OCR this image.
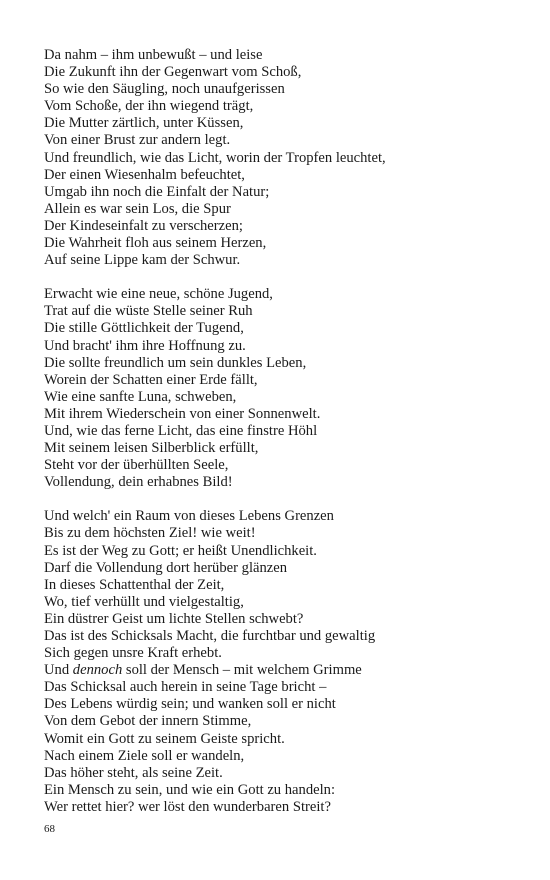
Da nahm – ihm unbewußt – und leise
Die Zukunft ihn der Gegenwart vom Schoß,
So wie den Säugling, noch unaufgerissen
Vom Schoße, der ihn wiegend trägt,
Die Mutter zärtlich, unter Küssen,
Von einer Brust zur andern legt.
Und freundlich, wie das Licht, worin der Tropfen leuchtet,
Der einen Wiesenhalm befeuchtet,
Umgab ihn noch die Einfalt der Natur;
Allein es war sein Los, die Spur
Der Kindeseinfalt zu verscherzen;
Die Wahrheit floh aus seinem Herzen,
Auf seine Lippe kam der Schwur.
Erwacht wie eine neue, schöne Jugend,
Trat auf die wüste Stelle seiner Ruh
Die stille Göttlichkeit der Tugend,
Und bracht' ihm ihre Hoffnung zu.
Die sollte freundlich um sein dunkles Leben,
Worein der Schatten einer Erde fällt,
Wie eine sanfte Luna, schweben,
Mit ihrem Wiederschein von einer Sonnenwelt.
Und, wie das ferne Licht, das eine finstre Höhl
Mit seinem leisen Silberblick erfüllt,
Steht vor der überhüllten Seele,
Vollendung, dein erhabnes Bild!
Und welch' ein Raum von dieses Lebens Grenzen
Bis zu dem höchsten Ziel! wie weit!
Es ist der Weg zu Gott; er heißt Unendlichkeit.
Darf die Vollendung dort herüber glänzen
In dieses Schattenthal der Zeit,
Wo, tief verhüllt und vielgestaltig,
Ein düstrer Geist um lichte Stellen schwebt?
Das ist des Schicksals Macht, die furchtbar und gewaltig
Sich gegen unsre Kraft erhebt.
Und dennoch soll der Mensch – mit welchem Grimme
Das Schicksal auch herein in seine Tage bricht –
Des Lebens würdig sein; und wanken soll er nicht
Von dem Gebot der innern Stimme,
Womit ein Gott zu seinem Geiste spricht.
Nach einem Ziele soll er wandeln,
Das höher steht, als seine Zeit.
Ein Mensch zu sein, und wie ein Gott zu handeln:
Wer rettet hier? wer löst den wunderbaren Streit?
68
